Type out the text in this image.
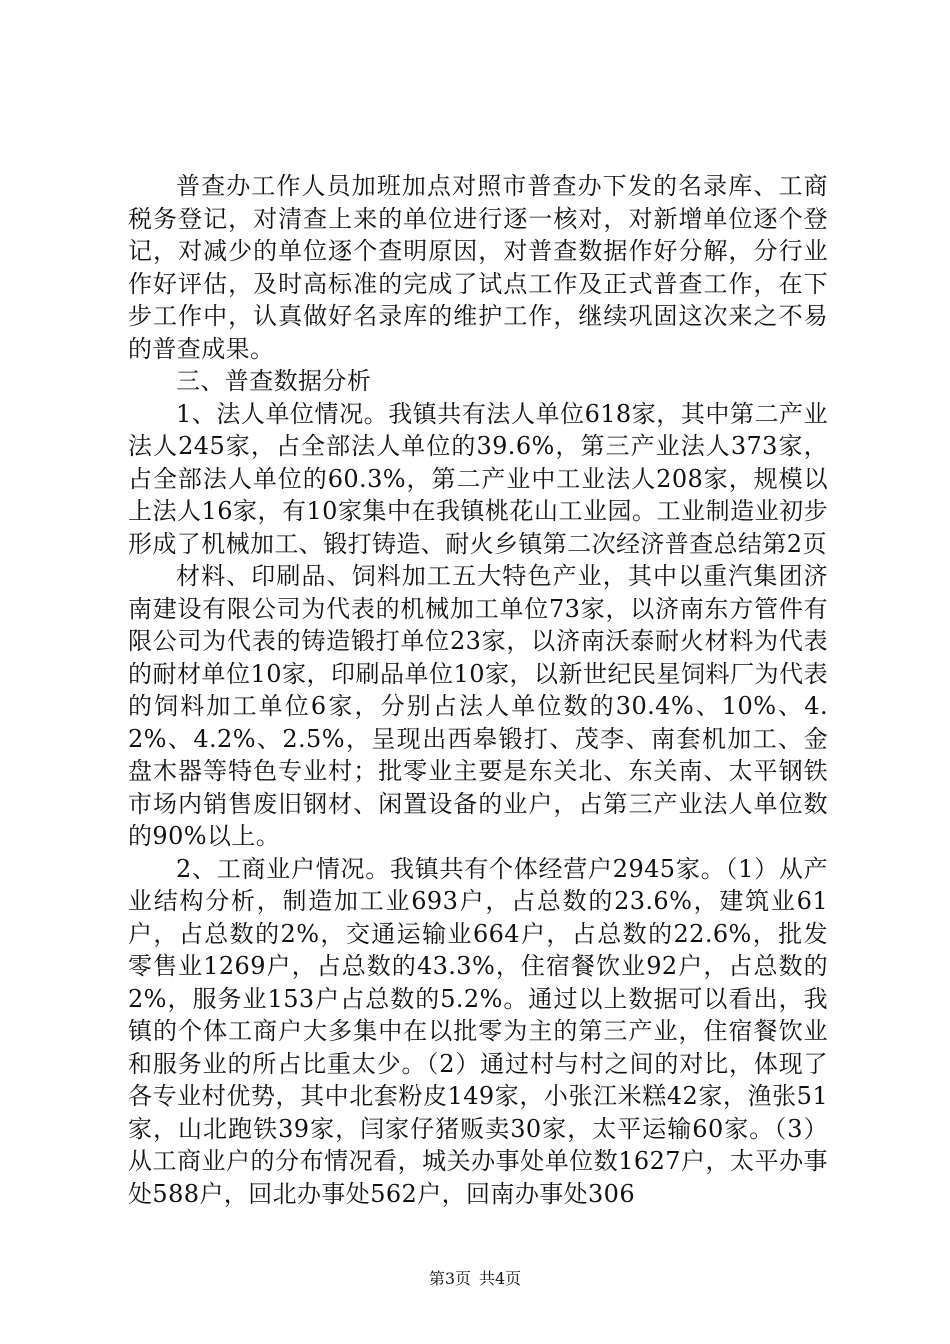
普查办工作人员加班加点对照市普查办下发的名录库、工商税务登记，对清查上来的单位进行逐一核对，对新增单位逐个登记，对减少的单位逐个查明原因，对普查数据作好分解，分行业作好评估，及时高标准的完成了试点工作及正式普查工作，在下步工作中，认真做好名录库的维护工作，继续巩固这次来之不易的普查成果。

三、普查数据分析

1、法人单位情况。我镇共有法人单位618家，其中第二产业法人245家，占全部法人单位的39.6%，第三产业法人373家，占全部法人单位的60.3%，第二产业中工业法人208家，规模以上法人16家，有10家集中在我镇桃花山工业园。工业制造业初步形成了机械加工、锻打铸造、耐火乡镇第二次经济普查总结第2页

材料、印刷品、饲料加工五大特色产业，其中以重汽集团济南建设有限公司为代表的机械加工单位73家，以济南东方管件有限公司为代表的铸造锻打单位23家，以济南沃泰耐火材料为代表的耐材单位10家，印刷品单位10家，以新世纪民星饲料厂为代表的饲料加工单位6家，分别占法人单位数的30.4%、10%、4.2%、4.2%、2.5%，呈现出西皋锻打、茂李、南套机加工、金盘木器等特色专业村；批零业主要是东关北、东关南、太平钢铁市场内销售废旧钢材、闲置设备的业户，占第三产业法人单位数的90%以上。

2、工商业户情况。我镇共有个体经营户2945家。（1）从产业结构分析，制造加工业693户，占总数的23.6%，建筑业61户，占总数的2%，交通运输业664户，占总数的22.6%，批发零售业1269户，占总数的43.3%，住宿餐饮业92户，占总数的2%，服务业153户占总数的5.2%。通过以上数据可以看出，我镇的个体工商户大多集中在以批零为主的第三产业，住宿餐饮业和服务业的所占比重太少。（2）通过村与村之间的对比，体现了各专业村优势，其中北套粉皮149家，小张江米糕42家，渔张51家，山北跑铁39家，闫家仔猪贩卖30家，太平运输60家。（3）从工商业户的分布情况看，城关办事处单位数1627户，太平办事处588户，回北办事处562户，回南办事处306

第3页 共4页
